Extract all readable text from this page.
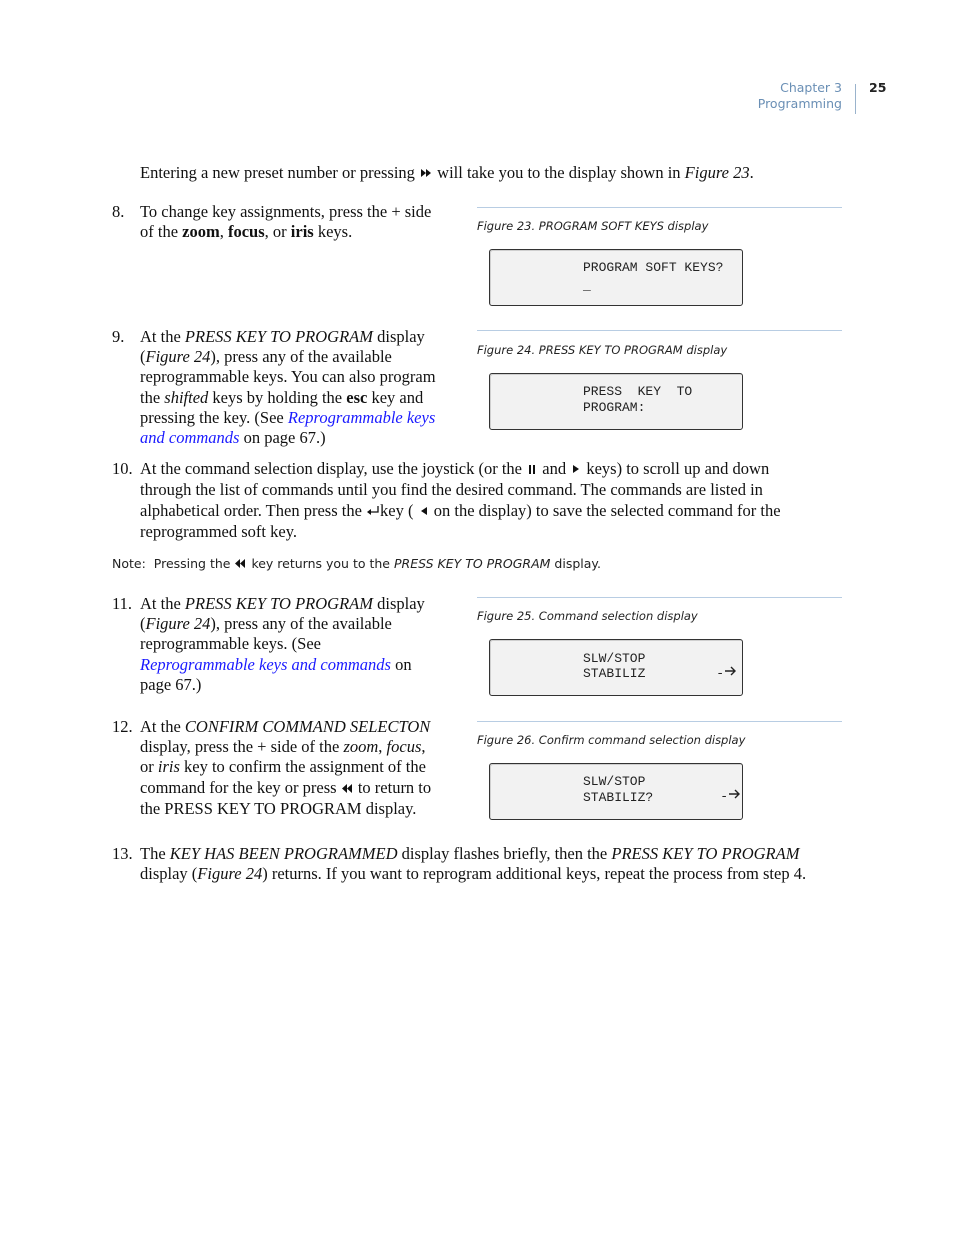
Chapter 3
Programming
25
Entering a new preset number or pressing will take you to the display shown in Figure 23.
8. To change key assignments, press the + side
of the zoom, focus, or iris keys.	Figure 23. PROGRAM SOFT KEYS display
PROGRAM SOFT KEYS?
_
9. At the PRESS KEY TO PROGRAM display
(Figure 24), press any of the available
reprogrammable keys. You can also program
the shifted keys by holding the esc key and
pressing the key. (See Reprogrammable keys
and commands on page 67.)
Figure 24. PRESS KEY TO PROGRAM display
PRESS  KEY  TO
PROGRAM:
10. At the command selection display, use the joystick (or the and keys) to scroll up and down
through the list of commands until you find the desired command. The commands are listed in
alphabetical order. Then press the key ( on the display) to save the selected command for the
reprogrammed soft key.
Note: Pressing the key returns you to the PRESS KEY TO PROGRAM display.
11. At the PRESS KEY TO PROGRAM display
(Figure 24), press any of the available
reprogrammable keys. (See
Reprogrammable keys and commands on
page 67.)
Figure 25. Command selection display
SLW/STOP

-

STABILIZ
12. At the CONFIRM COMMAND SELECTON
display, press the + side of the zoom, focus,
or iris key to confirm the assignment of the
command for the key or press to return to
the PRESS KEY TO PROGRAM display.
Figure 26. Confirm command selection display
SLW/STOP

-

STABILIZ?
13. The KEY HAS BEEN PROGRAMMED display flashes briefly, then the PRESS KEY TO PROGRAM
display (Figure 24) returns. If you want to reprogram additional keys, repeat the process from step 4.
